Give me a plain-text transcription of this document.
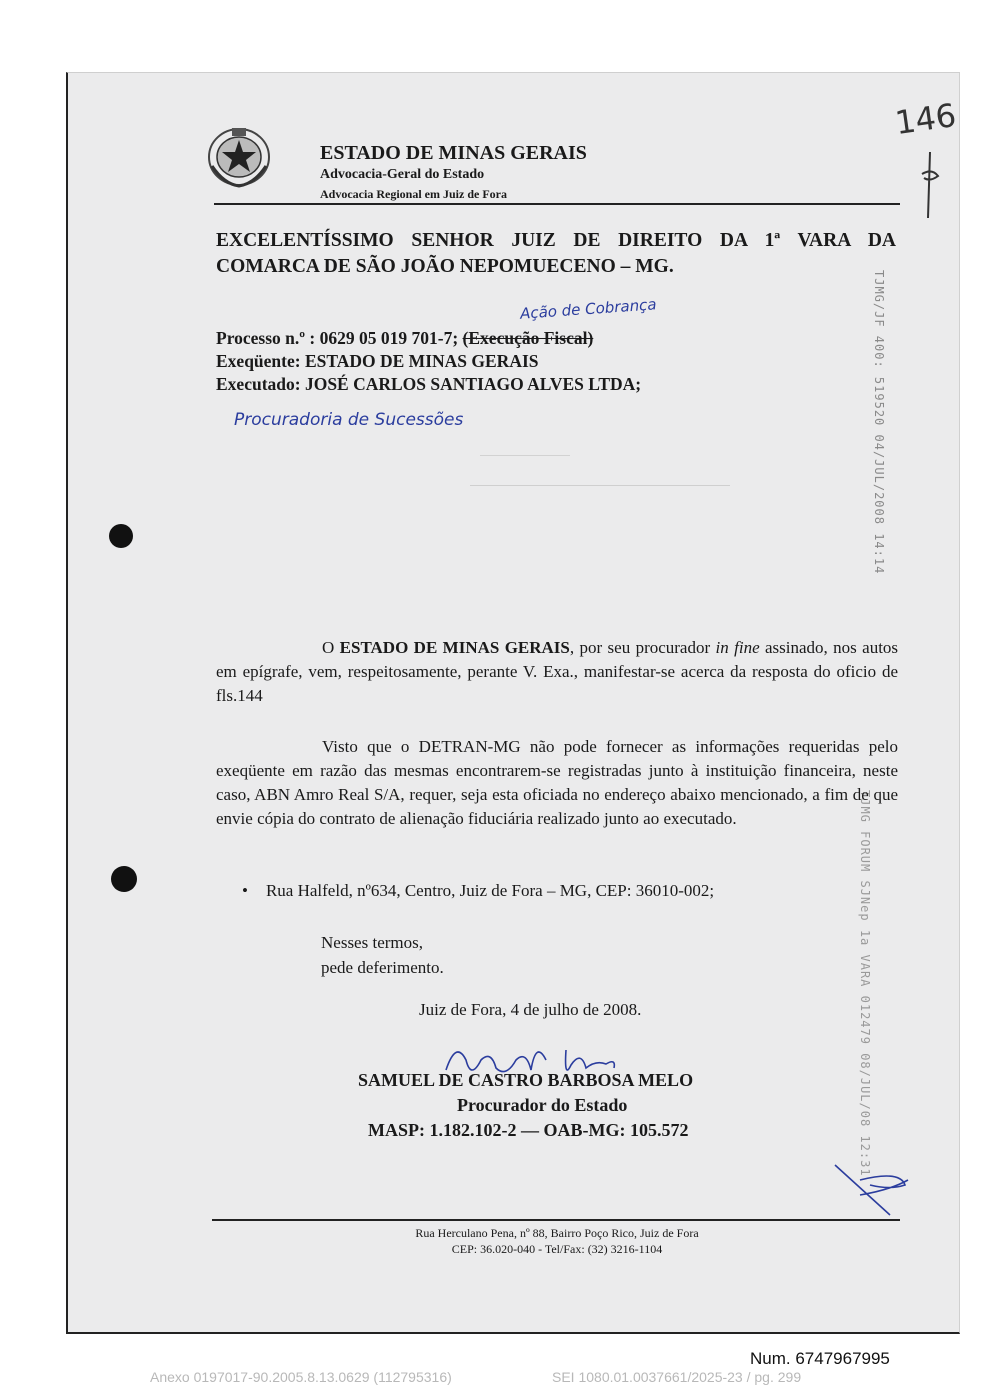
ESTADO DE MINAS GERAIS
Advocacia-Geral do Estado
Advocacia Regional em Juiz de Fora
146
EXCELENTÍSSIMO SENHOR JUIZ DE DIREITO DA 1ª VARA DA
COMARCA DE SÃO JOÃO NEPOMUECENO – MG.
Ação de Cobrança
Processo n.º : 0629 05 019 701-7; (Execução Fiscal)
Exeqüente: ESTADO DE MINAS GERAIS
Executado: JOSÉ CARLOS SANTIAGO ALVES LTDA;
Procuradoria de Sucessões	TJMG/JF 400: 519520 04/JUL/2008 14:14
TJMG FORUM SJNep 1a VARA 012479 08/JUL/08 12:31
O ESTADO DE MINAS GERAIS, por seu procurador in fine assinado, nos autos em epígrafe, vem, respeitosamente, perante V. Exa., manifestar-se acerca da resposta do oficio de fls.144
Visto que o DETRAN-MG não pode fornecer as informações requeridas pelo exeqüente em razão das mesmas encontrarem-se registradas junto à instituição financeira, neste caso, ABN Amro Real S/A, requer, seja esta oficiada no endereço abaixo mencionado, a fim de que envie cópia do contrato de alienação fiduciária realizado junto ao executado.
• Rua Halfeld, nº634, Centro, Juiz de Fora – MG, CEP: 36010-002;
Nesses termos,
pede deferimento.
Juiz de Fora, 4 de julho de 2008.
SAMUEL DE CASTRO BARBOSA MELO
Procurador do Estado
MASP: 1.182.102-2 — OAB-MG: 105.572
Rua Herculano Pena, nº 88, Bairro Poço Rico, Juiz de Fora
CEP: 36.020-040 - Tel/Fax: (32) 3216-1104
Num. 6747967995
Anexo 0197017-90.2005.8.13.0629 (112795316)	SEI 1080.01.0037661/2025-23 / pg. 299
